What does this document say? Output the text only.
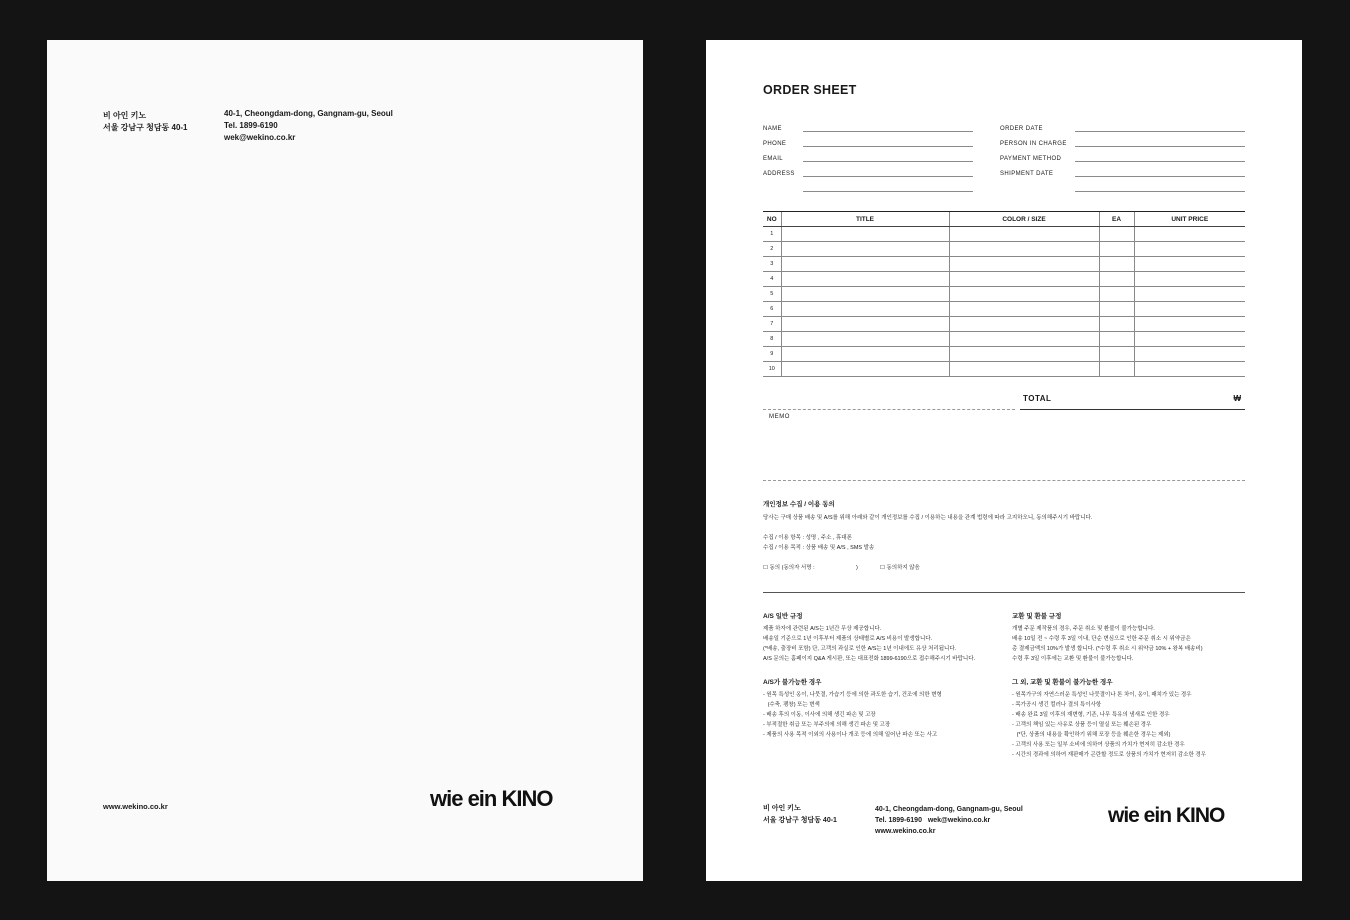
비 아인 키노
서울 강남구 청담동 40-1
40-1, Cheongdam-dong, Gangnam-gu, Seoul
Tel. 1899-6190
wek@wekino.co.kr
www.wekino.co.kr	wie ein KINO
ORDER SHEET
NAME
PHONE
EMAIL
ADDRESS
ORDER DATE
PERSON IN CHARGE
PAYMENT METHOD
SHIPMENT DATE
NO	TITLE	COLOR / SIZE	EA	UNIT PRICE
1				
2				
3				
4				
5				
6				
7				
8				
9				
10				
TOTAL	₩
MEMO
개인정보 수집 / 이용 동의
당사는 구매 상품 배송 및 A/S를 위해 아래와 같이 개인정보를 수집 / 이용하는 내용을 관계 법령에 따라 고지하오니, 동의해주시기 바랍니다.
수집 / 이용 항목 : 성명 , 주소 , 휴대폰
수집 / 이용 목적 : 상품 배송 및 A/S , SMS 발송
☐ 동의 (동의자 서명 :	)	☐ 동의하지 않음
A/S 일반 규정
제품 하자에 관련된 A/S는 1년간 무상 제공합니다.
배송일 기준으로 1년 이후부터 제품의 상태별로 A/S 비용이 발생합니다.
(*배송, 출장비 포함) 단, 고객의 과실로 인한 A/S는 1년 이내에도 유상 처리됩니다.
A/S 문의는 홈페이지 Q&A 게시판, 또는 대표전화 1899-6190으로 접수해주시기 바랍니다.
A/S가 불가능한 경우
- 원목 특성인 옹이, 나뭇결, 가습기 등에 의한 과도한 습기, 건조에 의한 변형
(수축, 팽창) 또는 변색
- 배송 후의 이동, 이사에 의해 생긴 파손 및 고장
- 부적절한 취급 또는 부주의에 의해 생긴 파손 및 고장
- 제품의 사용 목적 이외의 사용이나 개조 등에 의해 일어난 파손 또는 사고
교환 및 환불 규정
개별 주문 제작품의 경우, 주문 취소 및 환불이 불가능합니다.
배송 10일 전 ~ 수령 후 3일 이내, 단순 변심으로 인한 주문 취소 시 위약금은
총 결제금액의 10%가 발생 합니다. (*수령 후 취소 시 위약금 10% + 왕복 배송비)
수령 후 3일 이후에는 교환 및 환불이 불가능합니다.
그 외, 교환 및 환불이 불가능한 경우
- 원목가구의 자연스러운 특성인 나뭇결이나 톤 차이, 옹이, 패치가 있는 경우
- 목가공시 생긴 컬러나 결의 특이사항
- 배송 완료 3일 이후의 재변형, 기존, 나무 특유의 냄새로 인한 경우
- 고객의 책임 있는 사유로 상품 등이 멸실 또는 훼손된 경우
(*단, 상품의 내용을 확인하기 위해 포장 등을 훼손한 경우는 제외)
- 고객의 사용 또는 일부 소비에 의하여 상품의 가치가 현저히 감소한 경우
- 시간의 경과에 의하여 재판매가 곤란할 정도로 상품의 가치가 현저히 감소한 경우
비 아인 키노
서울 강남구 청담동 40-1
40-1, Cheongdam-dong, Gangnam-gu, Seoul
Tel. 1899-6190 wek@wekino.co.kr
www.wekino.co.kr
wie ein KINO
